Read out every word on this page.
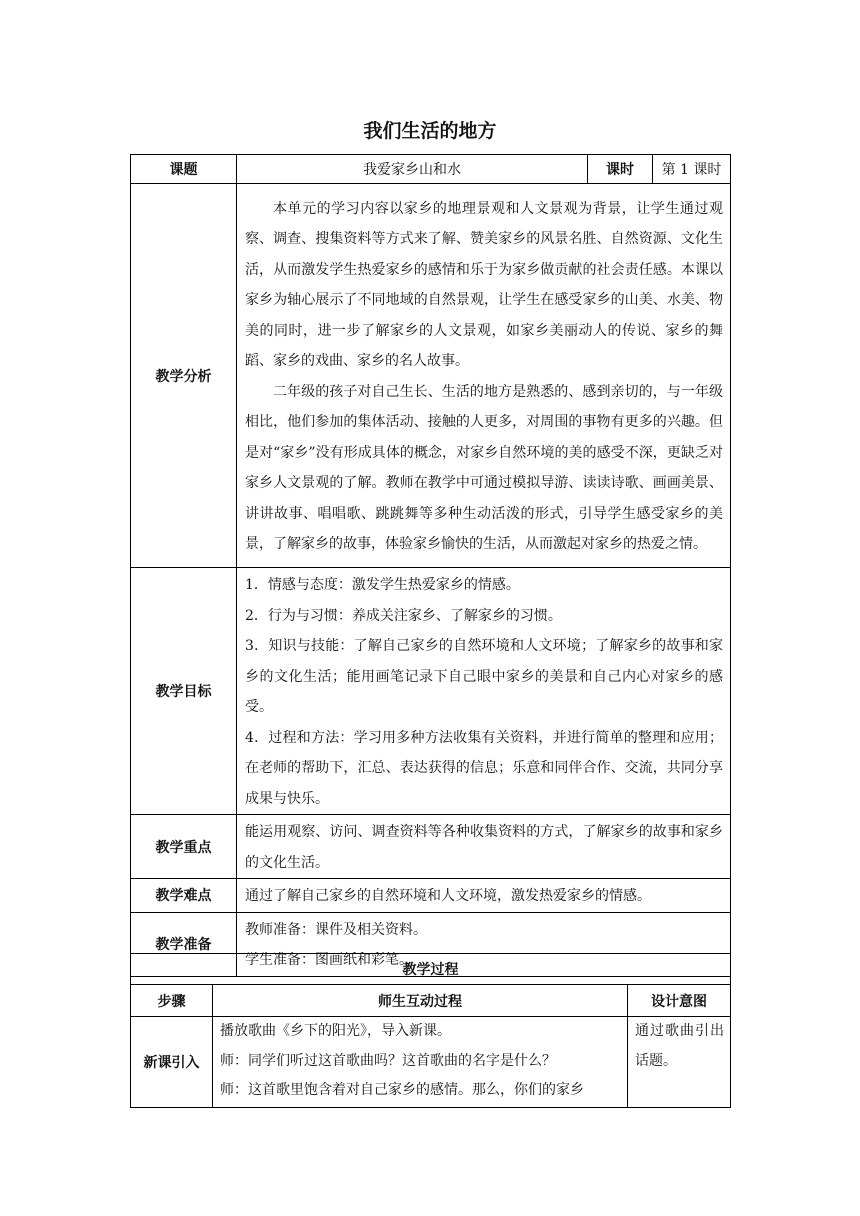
我们生活的地方
课题	我爱家乡山和水	课时	第 1 课时
教学分析	本单元的学习内容以家乡的地理景观和人文景观为背景，让学生通过观察、调查、搜集资料等方式来了解、赞美家乡的风景名胜、自然资源、文化生活，从而激发学生热爱家乡的感情和乐于为家乡做贡献的社会责任感。本课以家乡为轴心展示了不同地域的自然景观，让学生在感受家乡的山美、水美、物美的同时，进一步了解家乡的人文景观，如家乡美丽动人的传说、家乡的舞蹈、家乡的戏曲、家乡的名人故事。

二年级的孩子对自己生长、生活的地方是熟悉的、感到亲切的，与一年级相比，他们参加的集体活动、接触的人更多，对周围的事物有更多的兴趣。但是对“家乡”没有形成具体的概念，对家乡自然环境的美的感受不深，更缺乏对家乡人文景观的了解。教师在教学中可通过模拟导游、读读诗歌、画画美景、讲讲故事、唱唱歌、跳跳舞等多种生动活泼的形式，引导学生感受家乡的美景，了解家乡的故事，体验家乡愉快的生活，从而激起对家乡的热爱之情。		

教学目标	1．情感与态度：激发学生热爱家乡的情感。

2．行为与习惯：养成关注家乡、了解家乡的习惯。

3．知识与技能：了解自己家乡的自然环境和人文环境；了解家乡的故事和家乡的文化生活；能用画笔记录下自己眼中家乡的美景和自己内心对家乡的感受。

4．过程和方法：学习用多种方法收集有关资料，并进行简单的整理和应用；在老师的帮助下，汇总、表达获得的信息；乐意和同伴合作、交流，共同分享成果与快乐。		

教学重点	能运用观察、访问、调查资料等各种收集资料的方式，了解家乡的故事和家乡的文化生活。		
教学难点	通过了解自己家乡的自然环境和人文环境，激发热爱家乡的情感。		
教学准备	教师准备：课件及相关资料。

学生准备：图画纸和彩笔。		

教学过程		
步骤	师生互动过程	设计意图
新课引入	播放歌曲《乡下的阳光》，导入新课。
师：同学们听过这首歌曲吗？这首歌曲的名字是什么？
师：这首歌里饱含着对自己家乡的感情。那么，你们的家乡	通过歌曲引出话题。
